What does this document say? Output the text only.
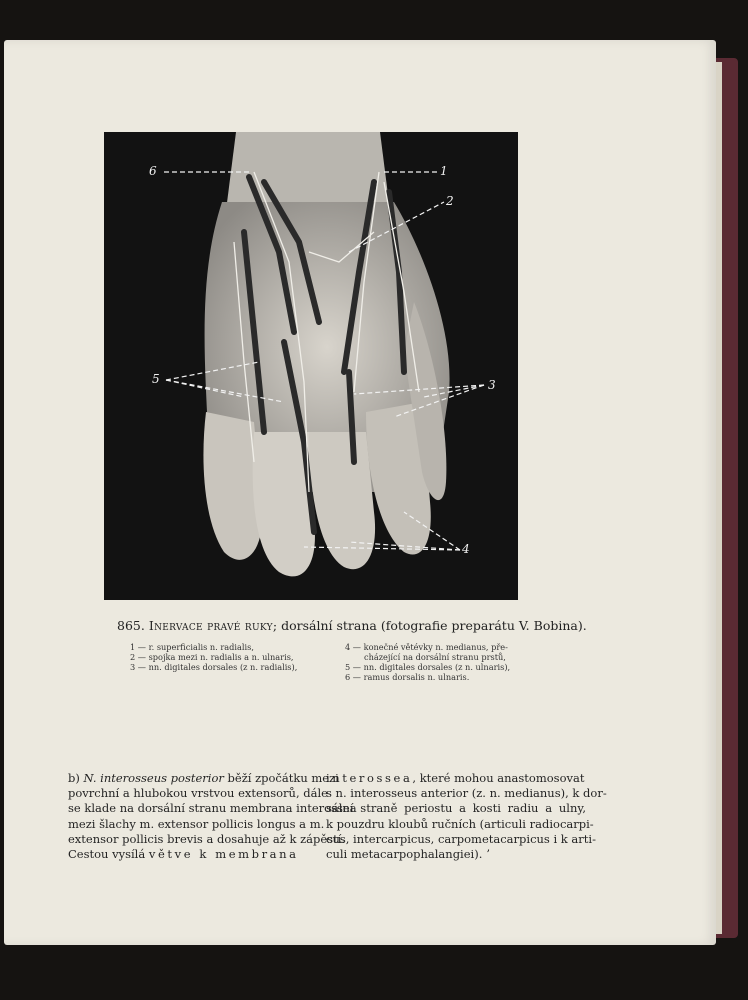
6	1
2
5	3
4
865. Inervace pravé ruky; dorsální strana (fotografie preparátu V. Bobina).
1 — r. superficialis n. radialis,
2 — spojka mezi n. radialis a n. ulnaris,
3 — nn. digitales dorsales (z n. radialis),
4 — konečné větévky n. medianus, pře-
cházející na dorsální stranu prstů,
5 — nn. digitales dorsales (z n. ulnaris),
6 — ramus dorsalis n. ulnaris.
b) N. interosseus posterior běží zpočátku mezi
povrchní a hlubokou vrstvou extensorů, dále
se klade na dorsální stranu membrana interossea
mezi šlachy m. extensor pollicis longus a m.
extensor pollicis brevis a dosahuje až k zápěstí.
Cestou vysílá větve k membrana
interossea, které mohou anastomosovat
s n. interosseus anterior (z. n. medianus), k dor-
sální straně periostu a kosti radiu a ulny,
k pouzdru kloubů ručních (articuli radiocarpi-
cus, intercarpicus, carpometacarpicus i k arti-
culi metacarpophalangiei). ʼ
